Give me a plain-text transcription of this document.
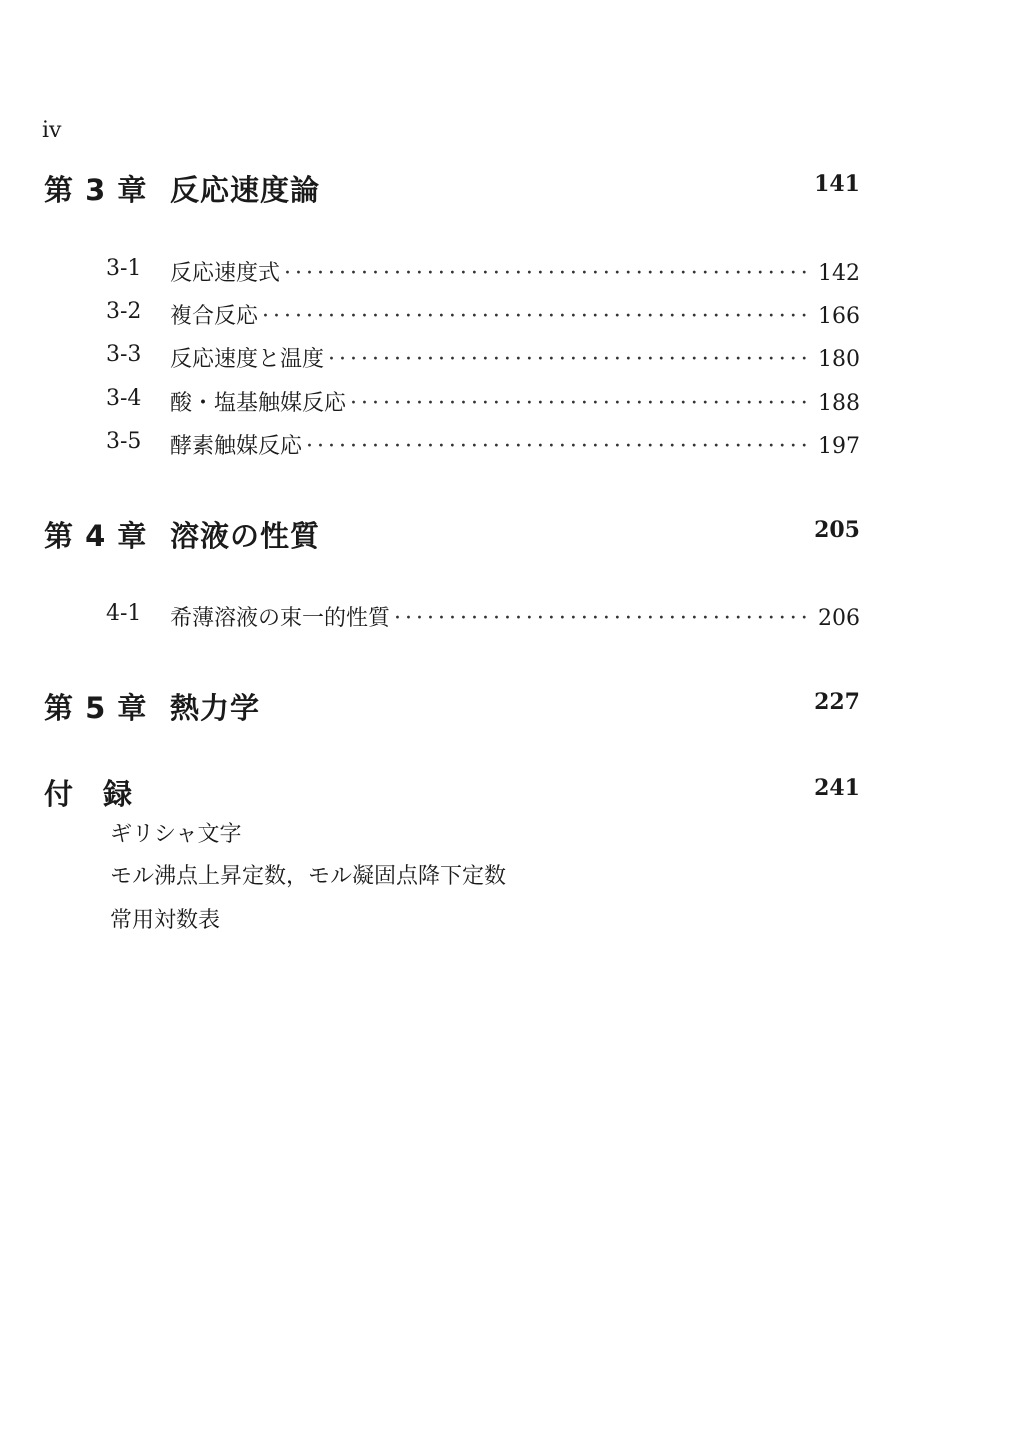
iv
第 3 章 反応速度論	141
3-1 反応速度式 ·····	142
3-2 複合反応 ·····	166
3-3 反応速度と温度 ·····	180
3-4 酸・塩基触媒反応 ·····	188
3-5 酵素触媒反応 ·····	197
第 4 章 溶液の性質	205
4-1 希薄溶液の束一的性質 ·····	206
第 5 章 熱力学	227
付録	241
ギリシャ文字
モル沸点上昇定数，モル凝固点降下定数
常用対数表
